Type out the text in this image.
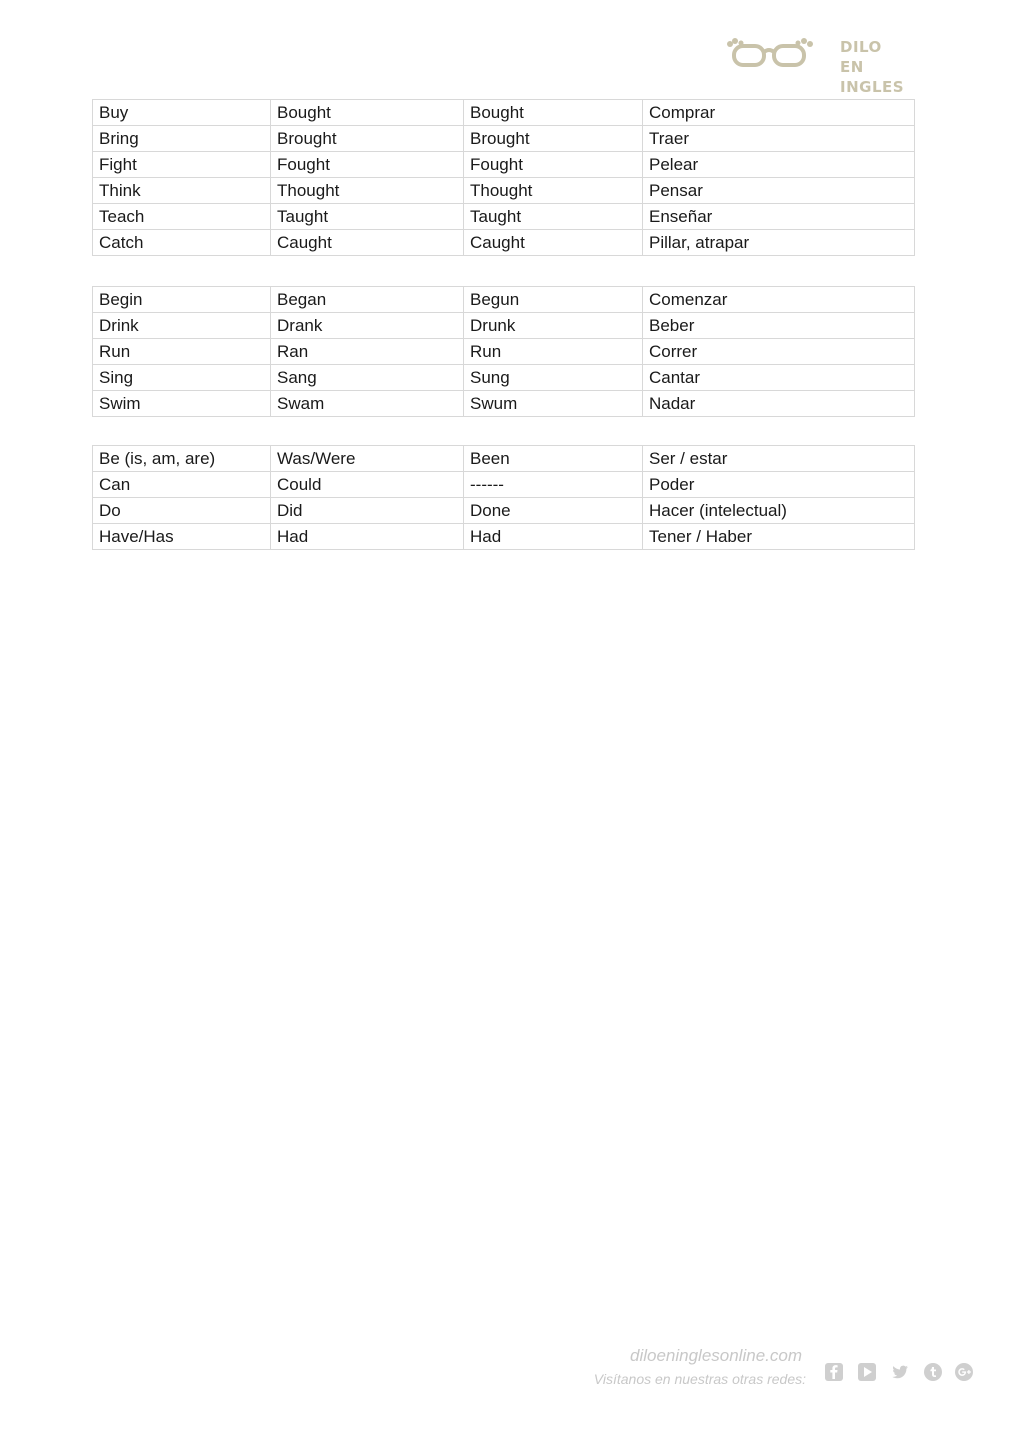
DILO EN
INGLES
Buy	Bought	Bought	Comprar
Bring	Brought	Brought	Traer
Fight	Fought	Fought	Pelear
Think	Thought	Thought	Pensar
Teach	Taught	Taught	Enseñar
Catch	Caught	Caught	Pillar, atrapar
Begin	Began	Begun	Comenzar
Drink	Drank	Drunk	Beber
Run	Ran	Run	Correr
Sing	Sang	Sung	Cantar
Swim	Swam	Swum	Nadar
Be (is, am, are)	Was/Were	Been	Ser / estar
Can	Could	------	Poder
Do	Did	Done	Hacer (intelectual)
Have/Has	Had	Had	Tener / Haber
diloeninglesonline.com
Visítanos en nuestras otras redes:
